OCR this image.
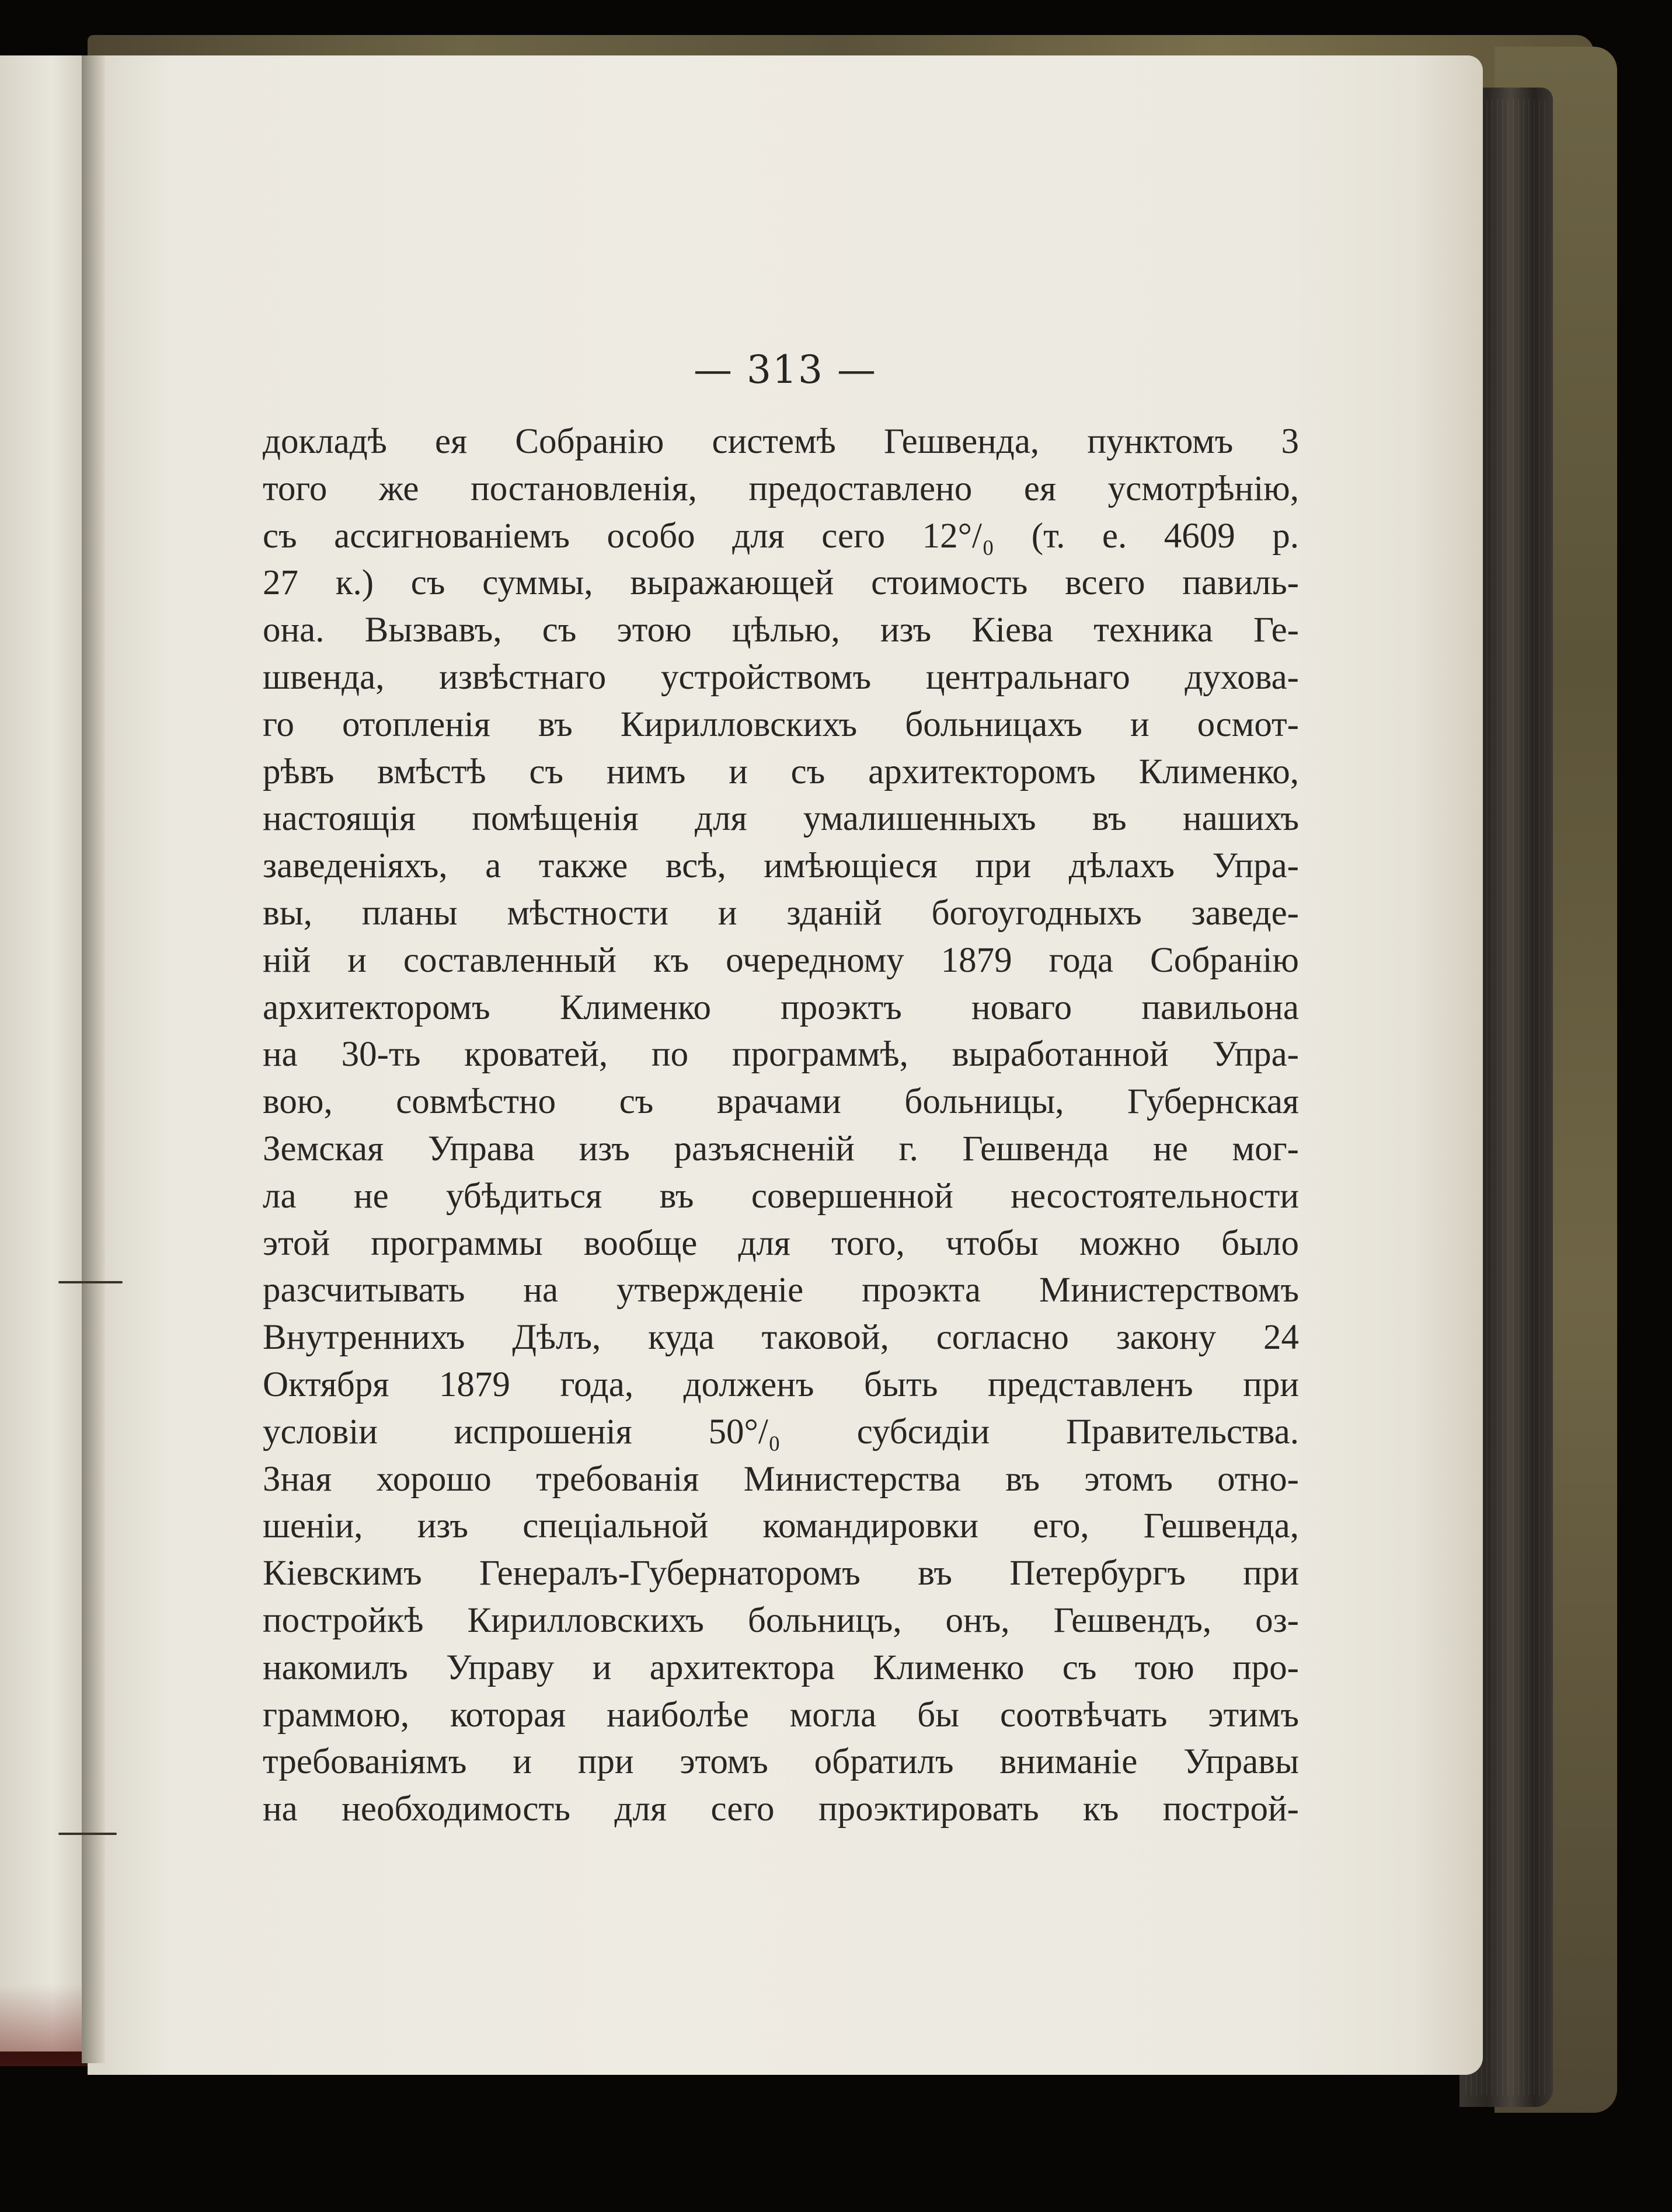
— 313 —
докладѣ ея Собранію системѣ Гешвенда, пунктомъ 3
того же постановленія, предоставлено ея усмотрѣнію,
съ ассигнованіемъ особо для сего 12°/₀ (т. е. 4609 р.
27 к.) съ суммы, выражающей стоимость всего павиль-
она. Вызвавъ, съ этою цѣлью, изъ Кіева техника Ге-
швенда, извѣстнаго устройствомъ центральнаго духова-
го отопленія въ Кирилловскихъ больницахъ и осмот-
рѣвъ вмѣстѣ съ нимъ и съ архитекторомъ Клименко,
настоящія помѣщенія для умалишенныхъ въ нашихъ
заведеніяхъ, а также всѣ, имѣющіеся при дѣлахъ Упра-
вы, планы мѣстности и зданій богоугодныхъ заведе-
ній и составленный къ очередному 1879 года Собранію
архитекторомъ Клименко проэктъ новаго павильона
на 30-ть кроватей, по программѣ, выработанной Упра-
вою, совмѣстно съ врачами больницы, Губернская
Земская Управа изъ разъясненій г. Гешвенда не мог-
ла не убѣдиться въ совершенной несостоятельности
этой программы вообще для того, чтобы можно было
разсчитывать на утвержденіе проэкта Министерствомъ
Внутреннихъ Дѣлъ, куда таковой, согласно закону 24
Октября 1879 года, долженъ быть представленъ при
условіи испрошенія 50°/₀ субсидіи Правительства.
Зная хорошо требованія Министерства въ этомъ отно-
шеніи, изъ спеціальной командировки его, Гешвенда,
Кіевскимъ Генералъ-Губернаторомъ въ Петербургъ при
постройкѣ Кирилловскихъ больницъ, онъ, Гешвендъ, оз-
накомилъ Управу и архитектора Клименко съ тою про-
граммою, которая наиболѣе могла бы соотвѣчать этимъ
требованіямъ и при этомъ обратилъ вниманіе Управы
на необходимость для сего проэктировать къ построй-
